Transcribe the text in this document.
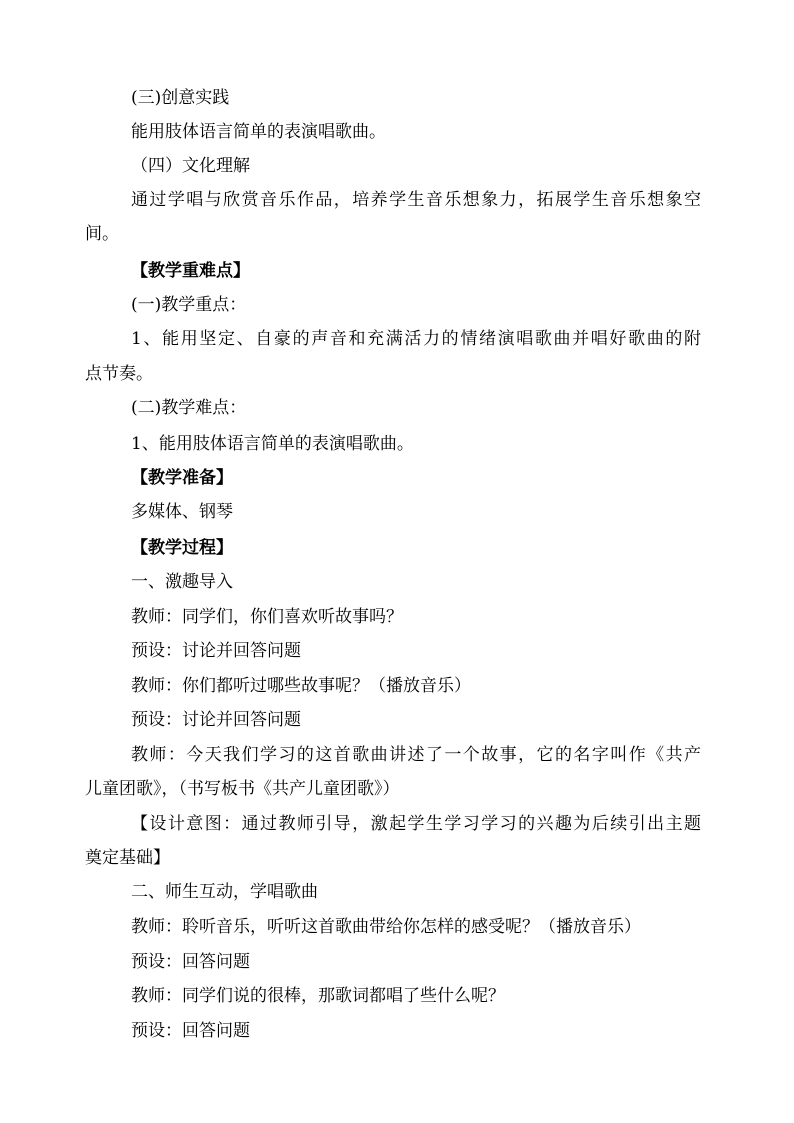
(三)创意实践
能用肢体语言简单的表演唱歌曲。
（四）文化理解
通过学唱与欣赏音乐作品，培养学生音乐想象力，拓展学生音乐想象空
间。
【教学重难点】
(一)教学重点：
1、能用坚定、自豪的声音和充满活力的情绪演唱歌曲并唱好歌曲的附
点节奏。
(二)教学难点：
1、能用肢体语言简单的表演唱歌曲。
【教学准备】
多媒体、钢琴
【教学过程】
一、激趣导入
教师：同学们，你们喜欢听故事吗？
预设：讨论并回答问题
教师：你们都听过哪些故事呢？（播放音乐）
预设：讨论并回答问题
教师：今天我们学习的这首歌曲讲述了一个故事，它的名字叫作《共产
儿童团歌》，（书写板书《共产儿童团歌》）
【设计意图：通过教师引导，激起学生学习学习的兴趣为后续引出主题
奠定基础】
二、师生互动，学唱歌曲
教师：聆听音乐，听听这首歌曲带给你怎样的感受呢？（播放音乐）
预设：回答问题
教师：同学们说的很棒，那歌词都唱了些什么呢？
预设：回答问题
